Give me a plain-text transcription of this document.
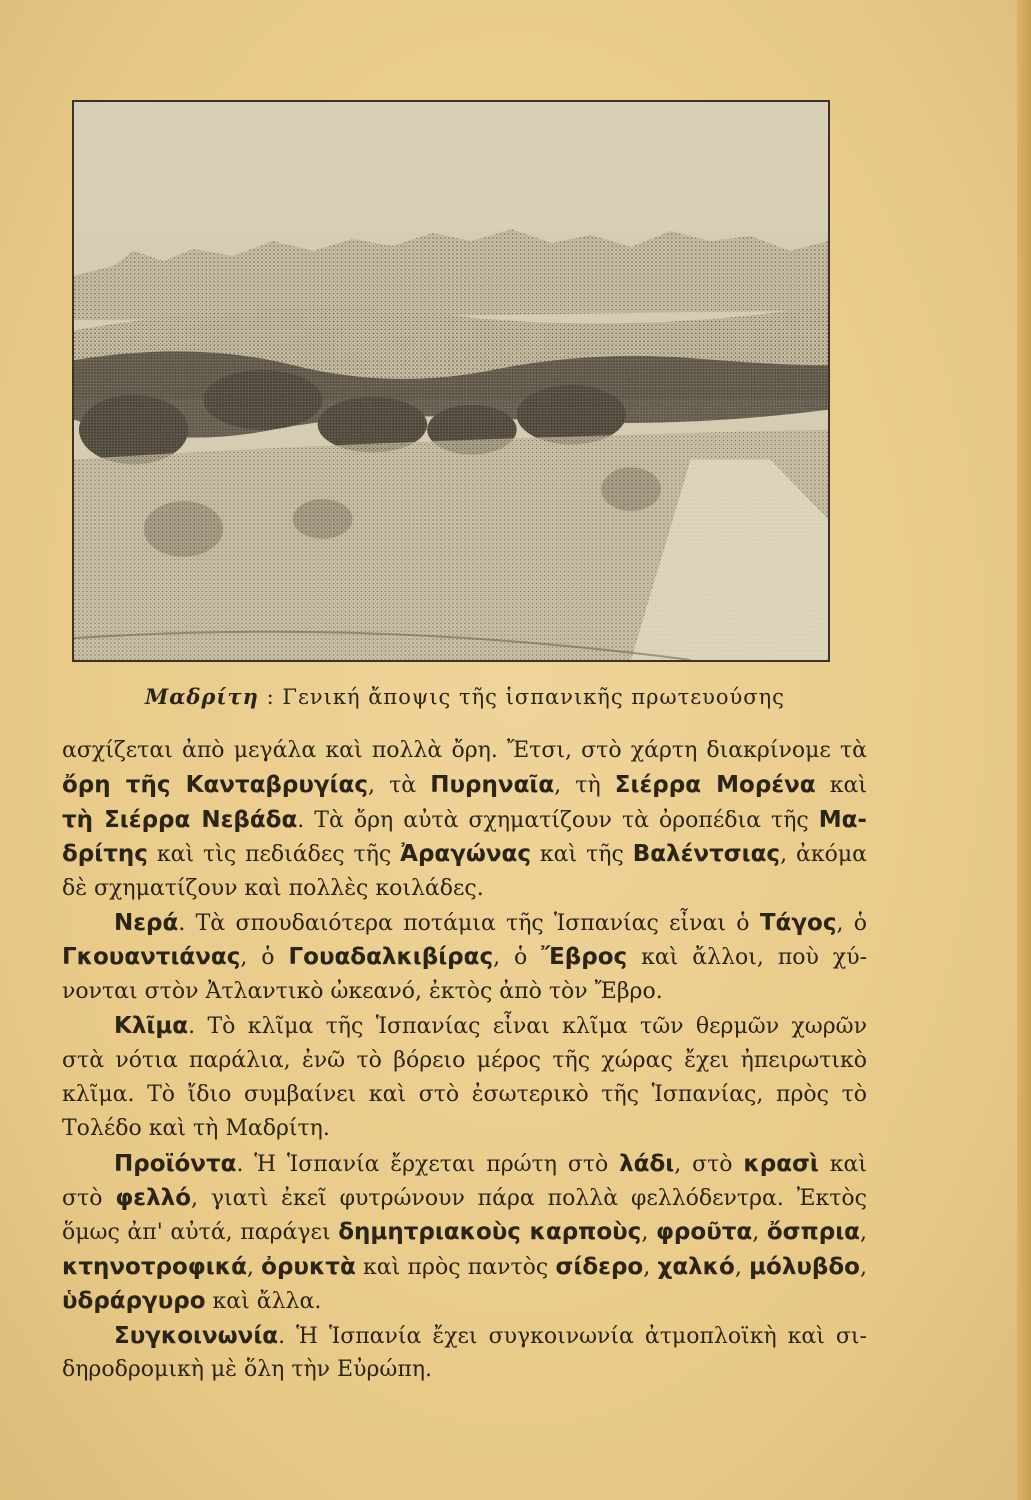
Μαδρίτη : Γενική ἄποψις τῆς ἱσπανικῆς πρωτευούσης
ασχίζεται ἀπὸ μεγάλα καὶ πολλὰ ὄρη. Ἔτσι, στὸ χάρτη διακρίνομε τὰ
ὄρη τῆς Κανταβρυγίας, τὰ Πυρηναῖα, τὴ Σιέρρα Μορένα καὶ
τὴ Σιέρρα Νεβάδα. Τὰ ὄρη αὐτὰ σχηματίζουν τὰ ὀροπέδια τῆς Μα-
δρίτης καὶ τὶς πεδιάδες τῆς Ἀραγώνας καὶ τῆς Βαλέντσιας, ἀκόμα
δὲ σχηματίζουν καὶ πολλὲς κοιλάδες.
Νερά. Τὰ σπουδαιότερα ποτάμια τῆς Ἱσπανίας εἶναι ὁ Τάγος, ὁ
Γκουαντιάνας, ὁ Γουαδαλκιβίρας, ὁ Ἔβρος καὶ ἄλλοι, ποὺ χύ-
νονται στὸν Ἀτλαντικὸ ὠκεανό, ἐκτὸς ἀπὸ τὸν Ἔβρο.
Κλῖμα. Τὸ κλῖμα τῆς Ἱσπανίας εἶναι κλῖμα τῶν θερμῶν χωρῶν
στὰ νότια παράλια, ἐνῶ τὸ βόρειο μέρος τῆς χώρας ἔχει ἠπειρωτικὸ
κλῖμα. Τὸ ἴδιο συμβαίνει καὶ στὸ ἐσωτερικὸ τῆς Ἱσπανίας, πρὸς τὸ
Τολέδο καὶ τὴ Μαδρίτη.
Προϊόντα. Ἡ Ἱσπανία ἔρχεται πρώτη στὸ λάδι, στὸ κρασὶ καὶ
στὸ φελλό, γιατὶ ἐκεῖ φυτρώνουν πάρα πολλὰ φελλόδεντρα. Ἐκτὸς
ὅμως ἀπ' αὐτά, παράγει δημητριακοὺς καρποὺς, φροῦτα, ὄσπρια,
κτηνοτροφικά, ὀρυκτὰ καὶ πρὸς παντὸς σίδερο, χαλκό, μόλυβδο,
ὑδράργυρο καὶ ἄλλα.
Συγκοινωνία. Ἡ Ἱσπανία ἔχει συγκοινωνία ἀτμοπλοϊκὴ καὶ σι-
δηροδρομικὴ μὲ ὅλη τὴν Εὐρώπη.
